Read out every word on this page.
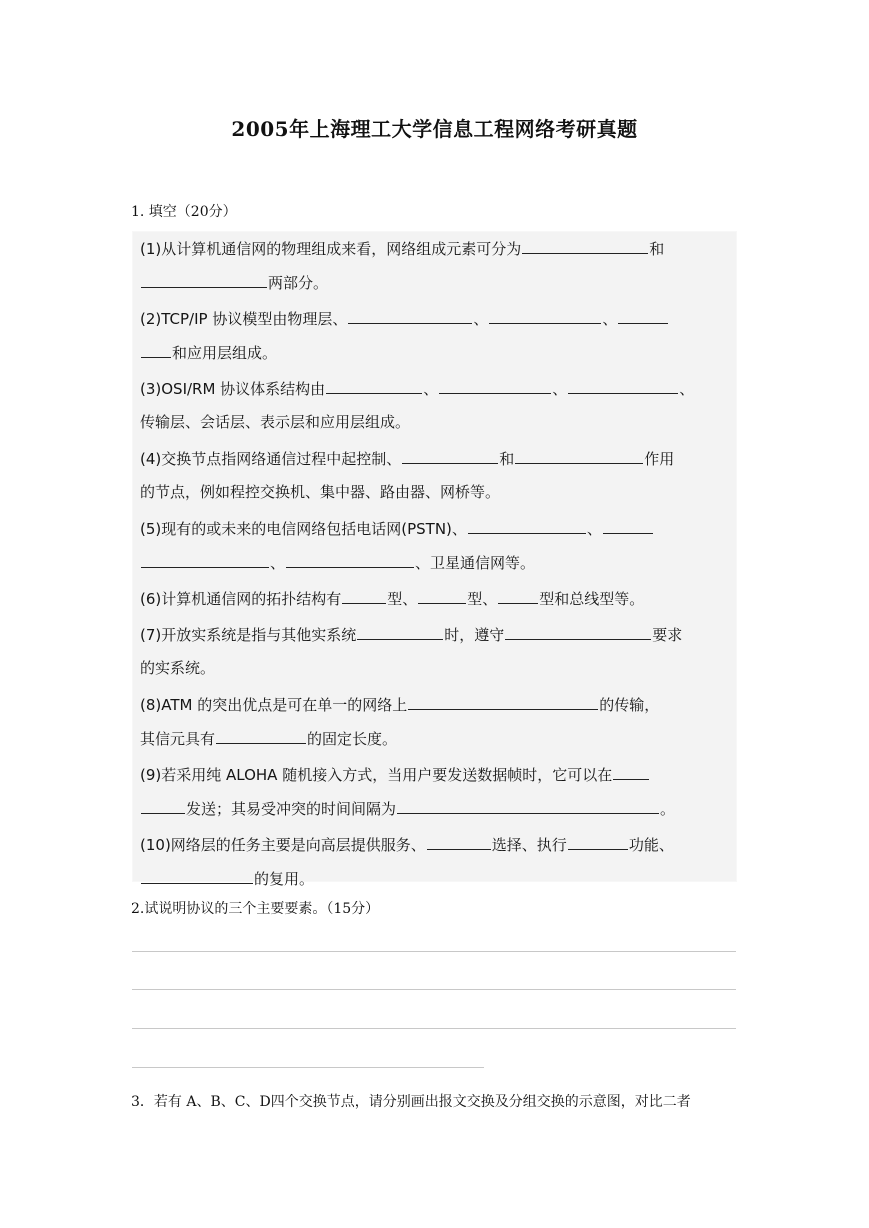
2005年上海理工大学信息工程网络考研真题
1. 填空（20分）
(1)从计算机通信网的物理组成来看，网络组成元素可分为	和
两部分。
(2)TCP/IP 协议模型由物理层、	、	、
和应用层组成。
(3)OSI/RM 协议体系结构由	、	、	、
传输层、会话层、表示层和应用层组成。
(4)交换节点指网络通信过程中起控制、	和	作用
的节点，例如程控交换机、集中器、路由器、网桥等。
(5)现有的或未来的电信网络包括电话网(PSTN)、	、
、	、卫星通信网等。
(6)计算机通信网的拓扑结构有	型、	型、	型和总线型等。
(7)开放实系统是指与其他实系统	时，遵守	要求
的实系统。
(8)ATM 的突出优点是可在单一的网络上	的传输，
其信元具有	的固定长度。
(9)若采用纯 ALOHA 随机接入方式，当用户要发送数据帧时，它可以在
发送；其易受冲突的时间间隔为	。
(10)网络层的任务主要是向高层提供服务、	选择、执行	功能、
的复用。
2.试说明协议的三个主要要素。（15分）
3．若有 A、B、C、D四个交换节点，请分别画出报文交换及分组交换的示意图，对比二者
